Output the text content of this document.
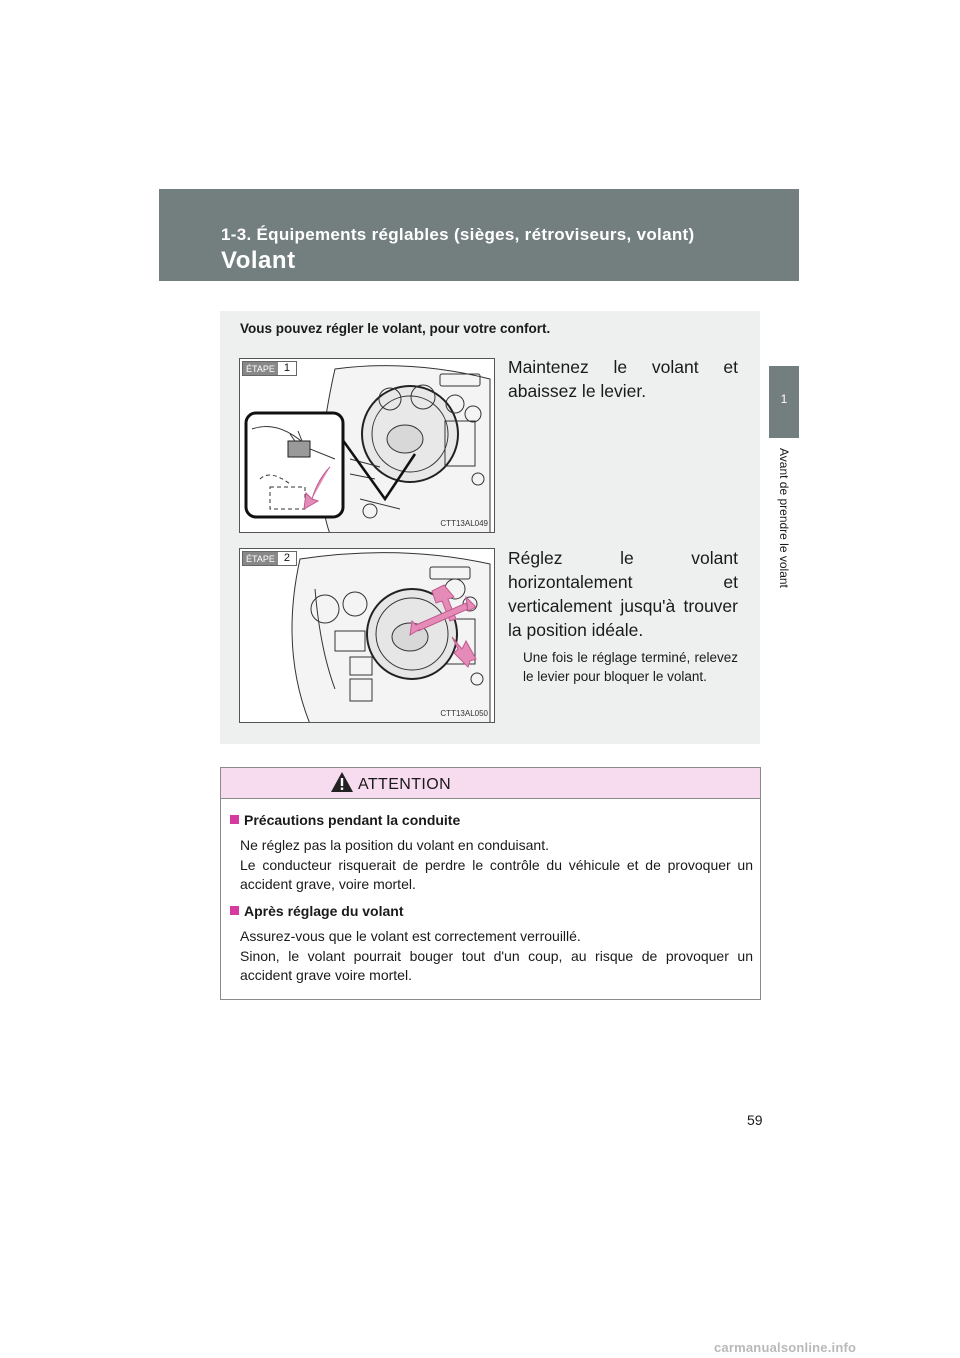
1-3. Équipements réglables (sièges, rétroviseurs, volant)
Volant
1
Avant de prendre le volant
Vous pouvez régler le volant, pour votre confort.
ÉTAPE 1
CTT13AL049
Maintenez le volant et abaissez le levier.
ÉTAPE 2
CTT13AL050
Réglez le volant horizontalement et verticalement jusqu'à trouver la position idéale.
Une fois le réglage terminé, relevez le levier pour bloquer le volant.
ATTENTION
Précautions pendant la conduite

Ne réglez pas la position du volant en conduisant.

Le conducteur risquerait de perdre le contrôle du véhicule et de provoquer un accident grave, voire mortel.

Après réglage du volant

Assurez-vous que le volant est correctement verrouillé.

Sinon, le volant pourrait bouger tout d'un coup, au risque de provoquer un accident grave voire mortel.

59
carmanualsonline.info
